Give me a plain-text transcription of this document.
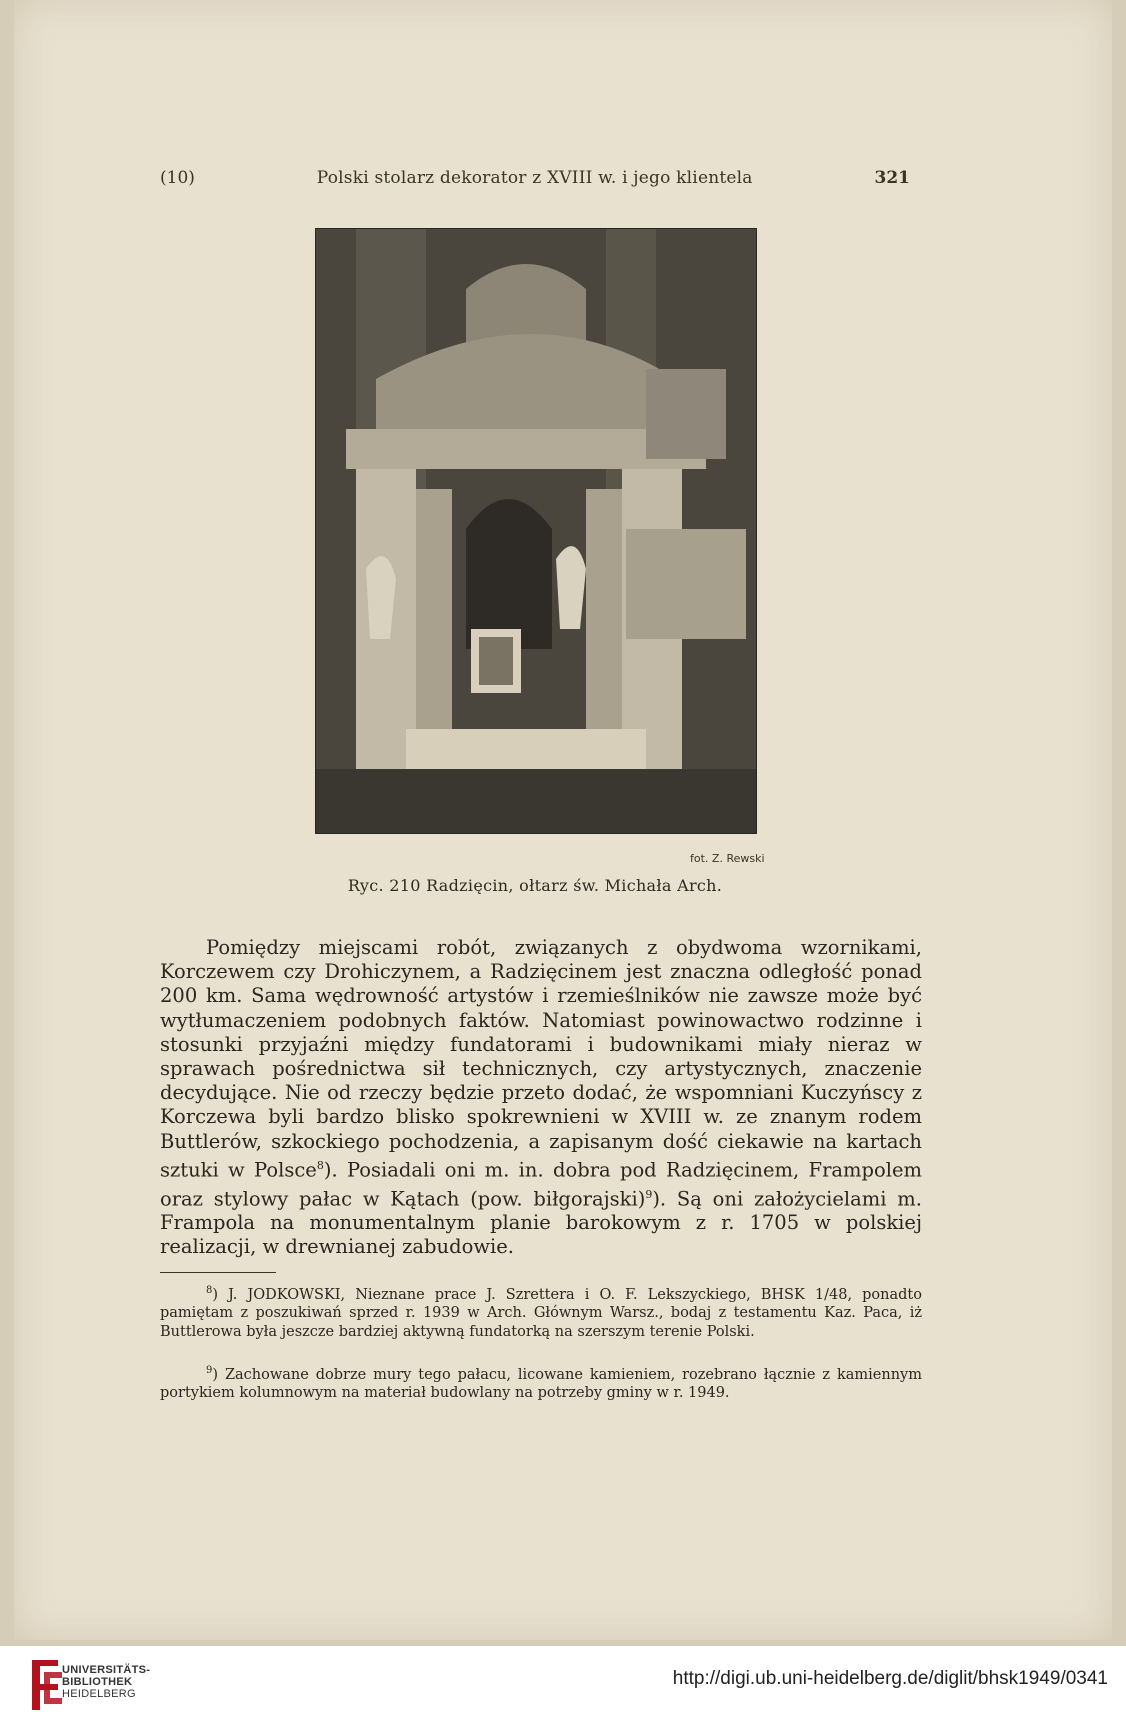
(10)	Polski stolarz dekorator z XVIII w. i jego klientela	321
fot. Z. Rewski
Ryc. 210 Radzięcin, ołtarz św. Michała Arch.

Pomiędzy miejscami robót, związanych z obydwoma wzornikami, Korczewem czy Drohiczynem, a Radzięcinem jest znaczna odległość ponad 200 km. Sama wędrowność artystów i rzemieślników nie zawsze może być wytłumaczeniem podobnych faktów. Natomiast powinowactwo rodzinne i stosunki przyjaźni między fundatorami i budownikami miały nieraz w sprawach pośrednictwa sił technicznych, czy artystycznych, znaczenie decydujące. Nie od rzeczy będzie przeto dodać, że wspomniani Kuczyńscy z Korczewa byli bardzo blisko spokrewnieni w XVIII w. ze znanym rodem Buttlerów, szkockiego pochodzenia, a zapisanym dość ciekawie na kartach sztuki w Polsce$^8$). Posiadali oni m. in. dobra pod Radzięcinem, Frampolem oraz stylowy pałac w Kątach (pow. biłgorajski)$^9$). Są oni założycielami m. Frampola na monumentalnym planie barokowym z r. 1705 w polskiej realizacji, w drewnianej zabudowie.

$^8$) J. JODKOWSKI, Nieznane prace J. Szrettera i O. F. Lekszyckiego, BHSK 1/48, ponadto pamiętam z poszukiwań sprzed r. 1939 w Arch. Głównym Warsz., bodaj z testamentu Kaz. Paca, iż Buttlerowa była jeszcze bardziej aktywną fundatorką na szerszym terenie Polski.

$^9$) Zachowane dobrze mury tego pałacu, licowane kamieniem, rozebrano łącznie z kamiennym portykiem kolumnowym na materiał budowlany na potrzeby gminy w r. 1949.

UNIVERSITÄTS-
BIBLIOTHEK
HEIDELBERG
http://digi.ub.uni-heidelberg.de/diglit/bhsk1949/0341
